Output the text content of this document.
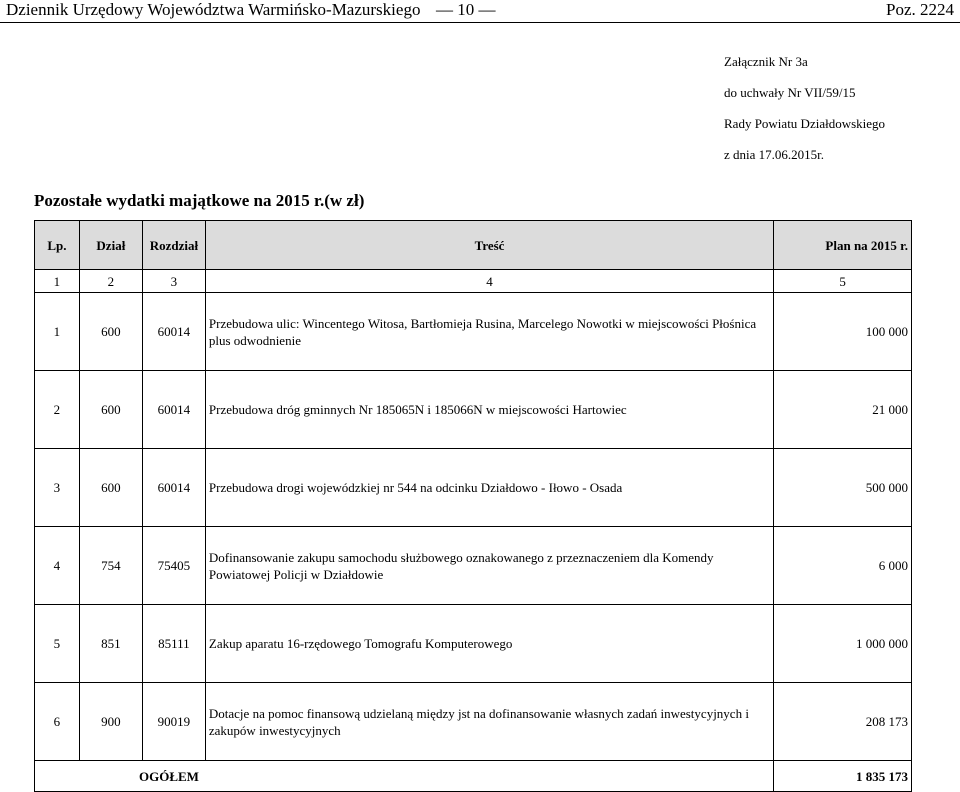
Dziennik Urzędowy Województwa Warmińsko-Mazurskiego — 10 —	Poz. 2224
Załącznik Nr 3a
do uchwały Nr VII/59/15
Rady Powiatu Działdowskiego
z dnia 17.06.2015r.
Pozostałe wydatki majątkowe na 2015 r.(w zł)
Lp.	Dział	Rozdział	Treść	Plan na 2015 r.
1	2	3	4	5
1	600	60014	Przebudowa ulic: Wincentego Witosa, Bartłomieja Rusina, Marcelego Nowotki w miejscowości Płośnica plus odwodnienie	100 000
2	600	60014	Przebudowa dróg gminnych Nr 185065N i 185066N w miejscowości Hartowiec	21 000
3	600	60014	Przebudowa drogi wojewódzkiej nr 544 na odcinku Działdowo - Iłowo - Osada	500 000
4	754	75405	Dofinansowanie zakupu samochodu służbowego oznakowanego z przeznaczeniem dla Komendy Powiatowej Policji w Działdowie	6 000
5	851	85111	Zakup aparatu 16-rzędowego Tomografu Komputerowego	1 000 000
6	900	90019	Dotacje na pomoc finansową udzielaną między jst na dofinansowanie własnych zadań inwestycyjnych i zakupów inwestycyjnych	208 173
OGÓŁEM				1 835 173
